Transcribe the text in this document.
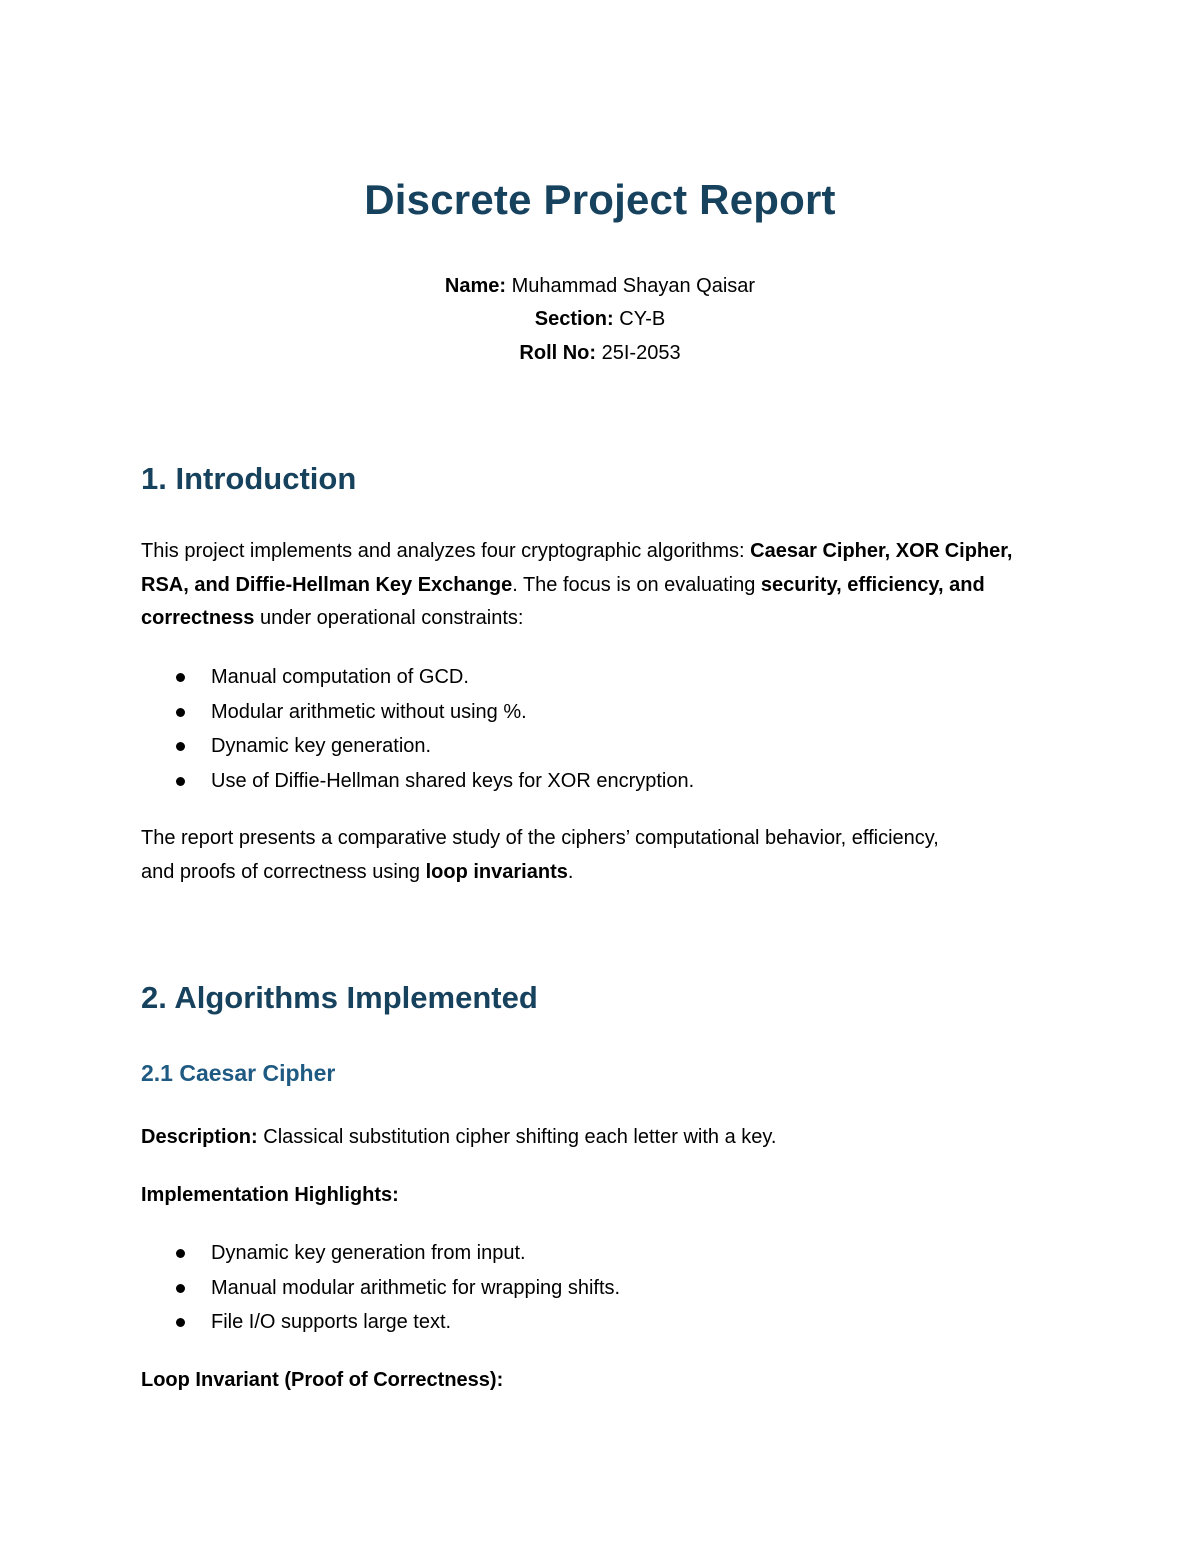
Discrete Project Report

Name: Muhammad Shayan Qaisar

Section: CY-B

Roll No: 25I-2053

1. Introduction

This project implements and analyzes four cryptographic algorithms: Caesar Cipher, XOR Cipher, RSA, and Diffie-Hellman Key Exchange. The focus is on evaluating security, efficiency, and correctness under operational constraints:

Manual computation of GCD.
Modular arithmetic without using %.
Dynamic key generation.
Use of Diffie-Hellman shared keys for XOR encryption.

The report presents a comparative study of the ciphers’ computational behavior, efficiency, and proofs of correctness using loop invariants.

2. Algorithms Implemented
2.1 Caesar Cipher

Description: Classical substitution cipher shifting each letter with a key.

Implementation Highlights:

Dynamic key generation from input.
Manual modular arithmetic for wrapping shifts.
File I/O supports large text.

Loop Invariant (Proof of Correctness):
